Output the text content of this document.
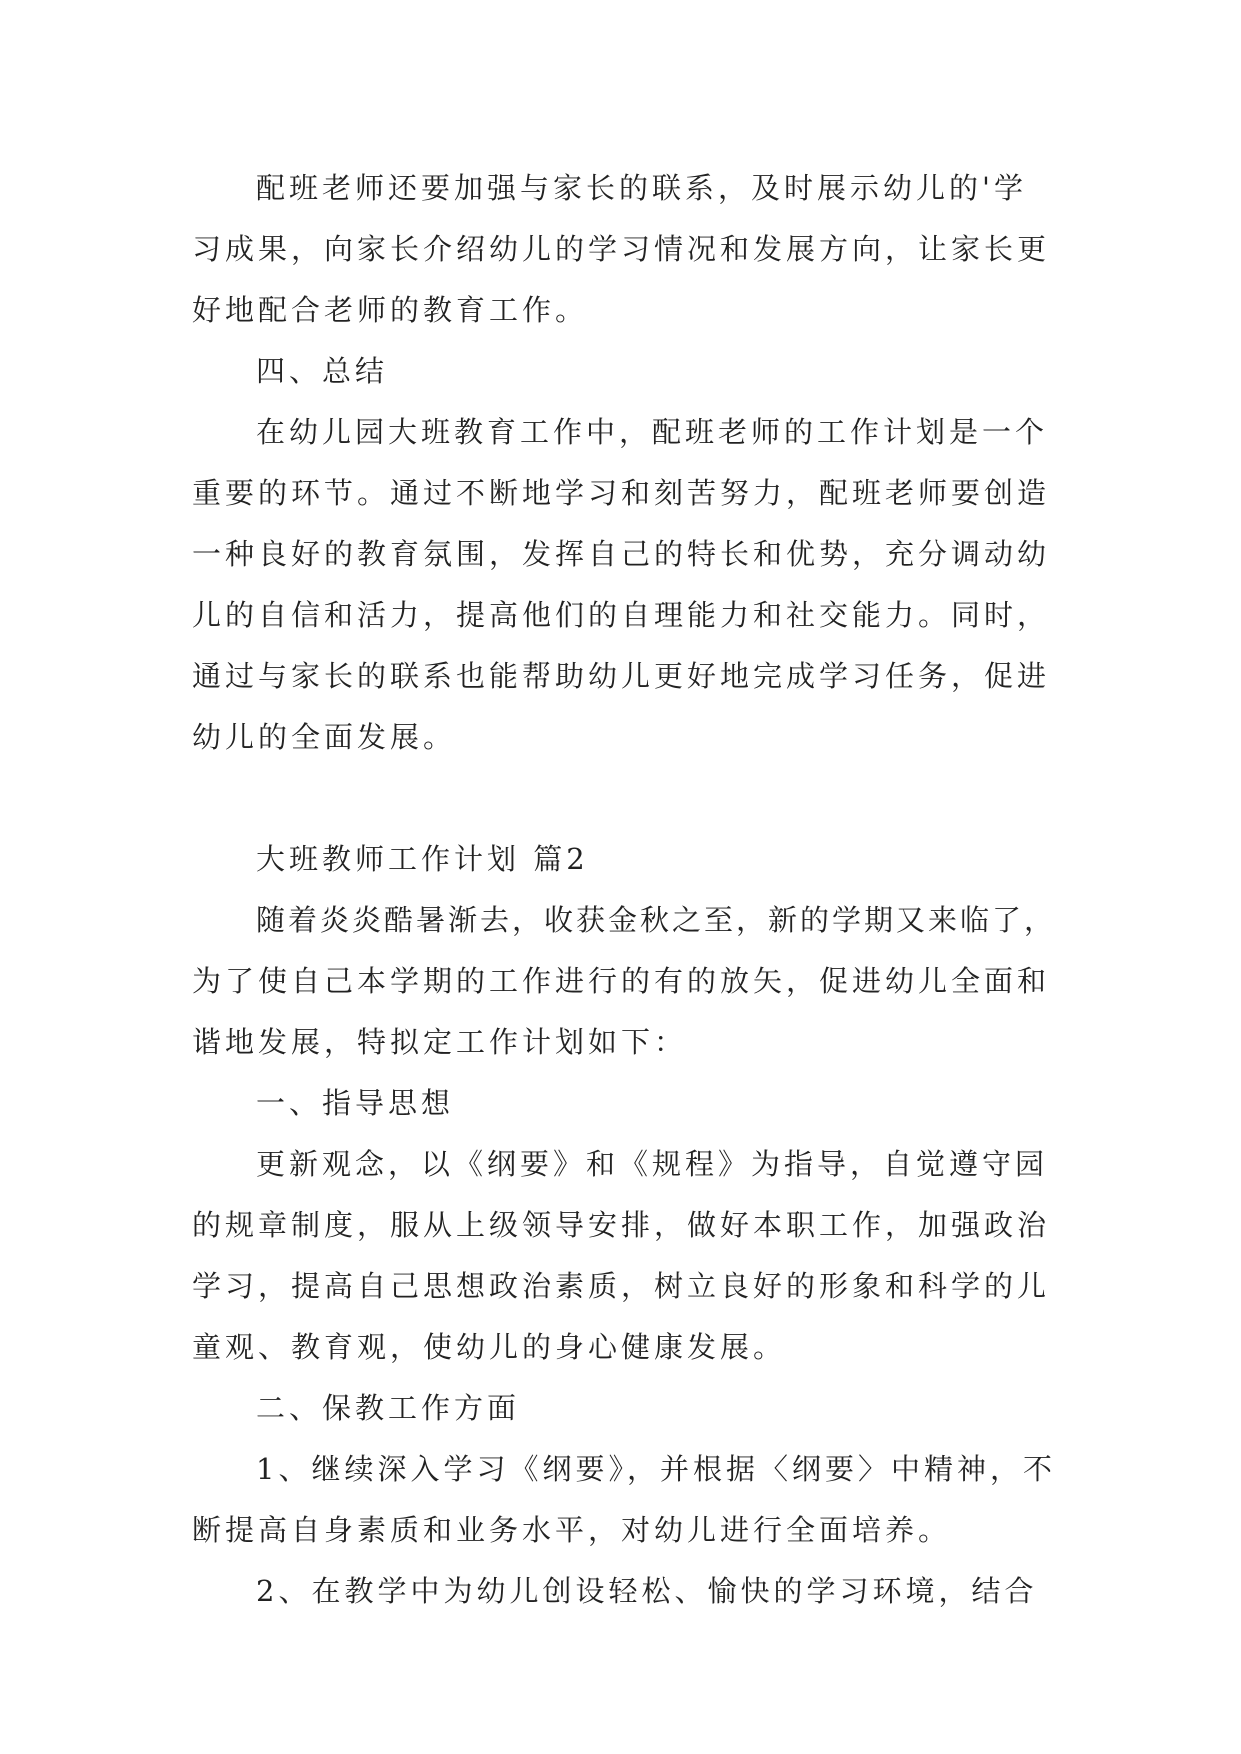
配班老师还要加强与家长的联系，及时展示幼儿的'学
习成果，向家长介绍幼儿的学习情况和发展方向，让家长更
好地配合老师的教育工作。
四、总结
在幼儿园大班教育工作中，配班老师的工作计划是一个
重要的环节。通过不断地学习和刻苦努力，配班老师要创造
一种良好的教育氛围，发挥自己的特长和优势，充分调动幼
儿的自信和活力，提高他们的自理能力和社交能力。同时，
通过与家长的联系也能帮助幼儿更好地完成学习任务，促进
幼儿的全面发展。
大班教师工作计划 篇2
随着炎炎酷暑渐去，收获金秋之至，新的学期又来临了，
为了使自己本学期的工作进行的有的放矢，促进幼儿全面和
谐地发展，特拟定工作计划如下：
一、指导思想
更新观念，以《纲要》和《规程》为指导，自觉遵守园
的规章制度，服从上级领导安排，做好本职工作，加强政治
学习，提高自己思想政治素质，树立良好的形象和科学的儿
童观、教育观，使幼儿的身心健康发展。
二、保教工作方面
1、继续深入学习《纲要》，并根据〈纲要〉中精神，不
断提高自身素质和业务水平，对幼儿进行全面培养。
2、在教学中为幼儿创设轻松、愉快的学习环境，结合
